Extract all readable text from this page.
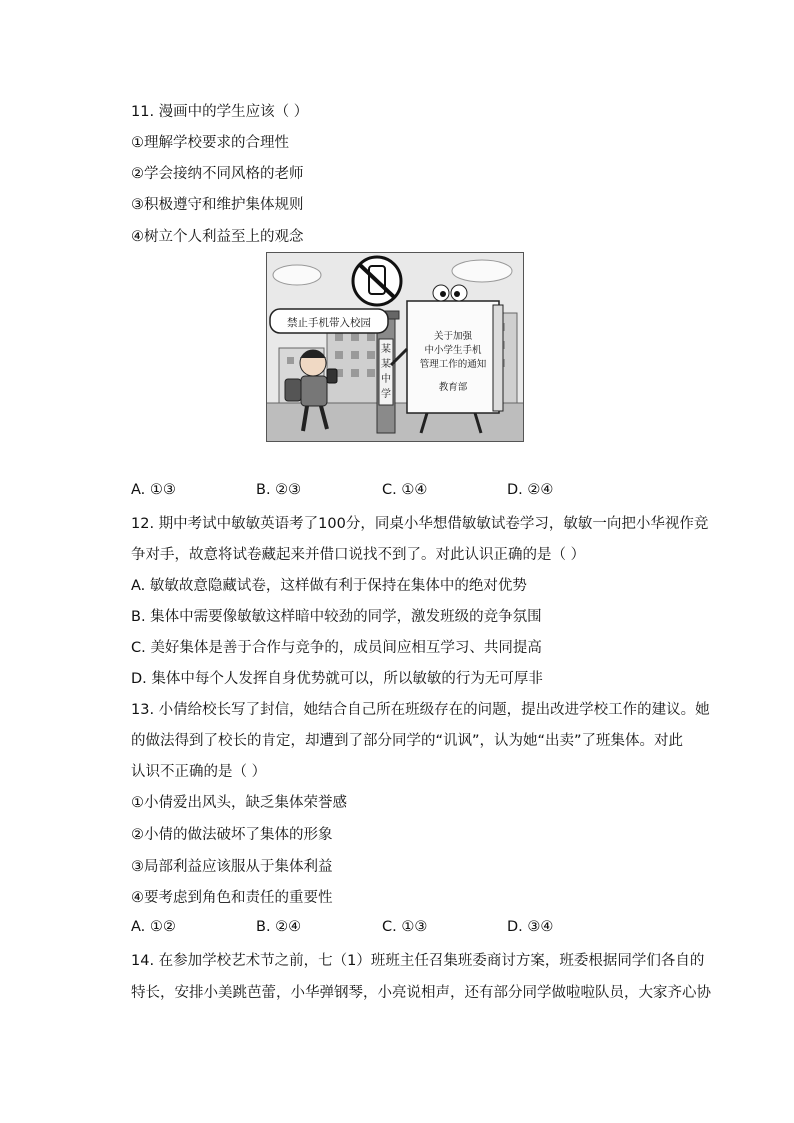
11. 漫画中的学生应该（ ）
①理解学校要求的合理性
②学会接纳不同风格的老师
③积极遵守和维护集体规则
④树立个人利益至上的观念
禁止手机带入校园
某
某
中
学
关于加强
中小学生手机
管理工作的通知
教育部
A. ①③	B. ②③	C. ①④	D. ②④
12. 期中考试中敏敏英语考了100分，同桌小华想借敏敏试卷学习，敏敏一向把小华视作竞
争对手，故意将试卷藏起来并借口说找不到了。对此认识正确的是（ ）
A. 敏敏故意隐藏试卷，这样做有利于保持在集体中的绝对优势
B. 集体中需要像敏敏这样暗中较劲的同学，激发班级的竞争氛围
C. 美好集体是善于合作与竞争的，成员间应相互学习、共同提高
D. 集体中每个人发挥自身优势就可以，所以敏敏的行为无可厚非
13. 小倩给校长写了封信，她结合自己所在班级存在的问题，提出改进学校工作的建议。她
的做法得到了校长的肯定，却遭到了部分同学的“讥讽”，认为她“出卖”了班集体。对此
认识不正确的是（ ）
①小倩爱出风头，缺乏集体荣誉感
②小倩的做法破坏了集体的形象
③局部利益应该服从于集体利益
④要考虑到角色和责任的重要性
A. ①②	B. ②④	C. ①③	D. ③④
14. 在参加学校艺术节之前，七（1）班班主任召集班委商讨方案，班委根据同学们各自的
特长，安排小美跳芭蕾，小华弹钢琴，小亮说相声，还有部分同学做啦啦队员，大家齐心协
